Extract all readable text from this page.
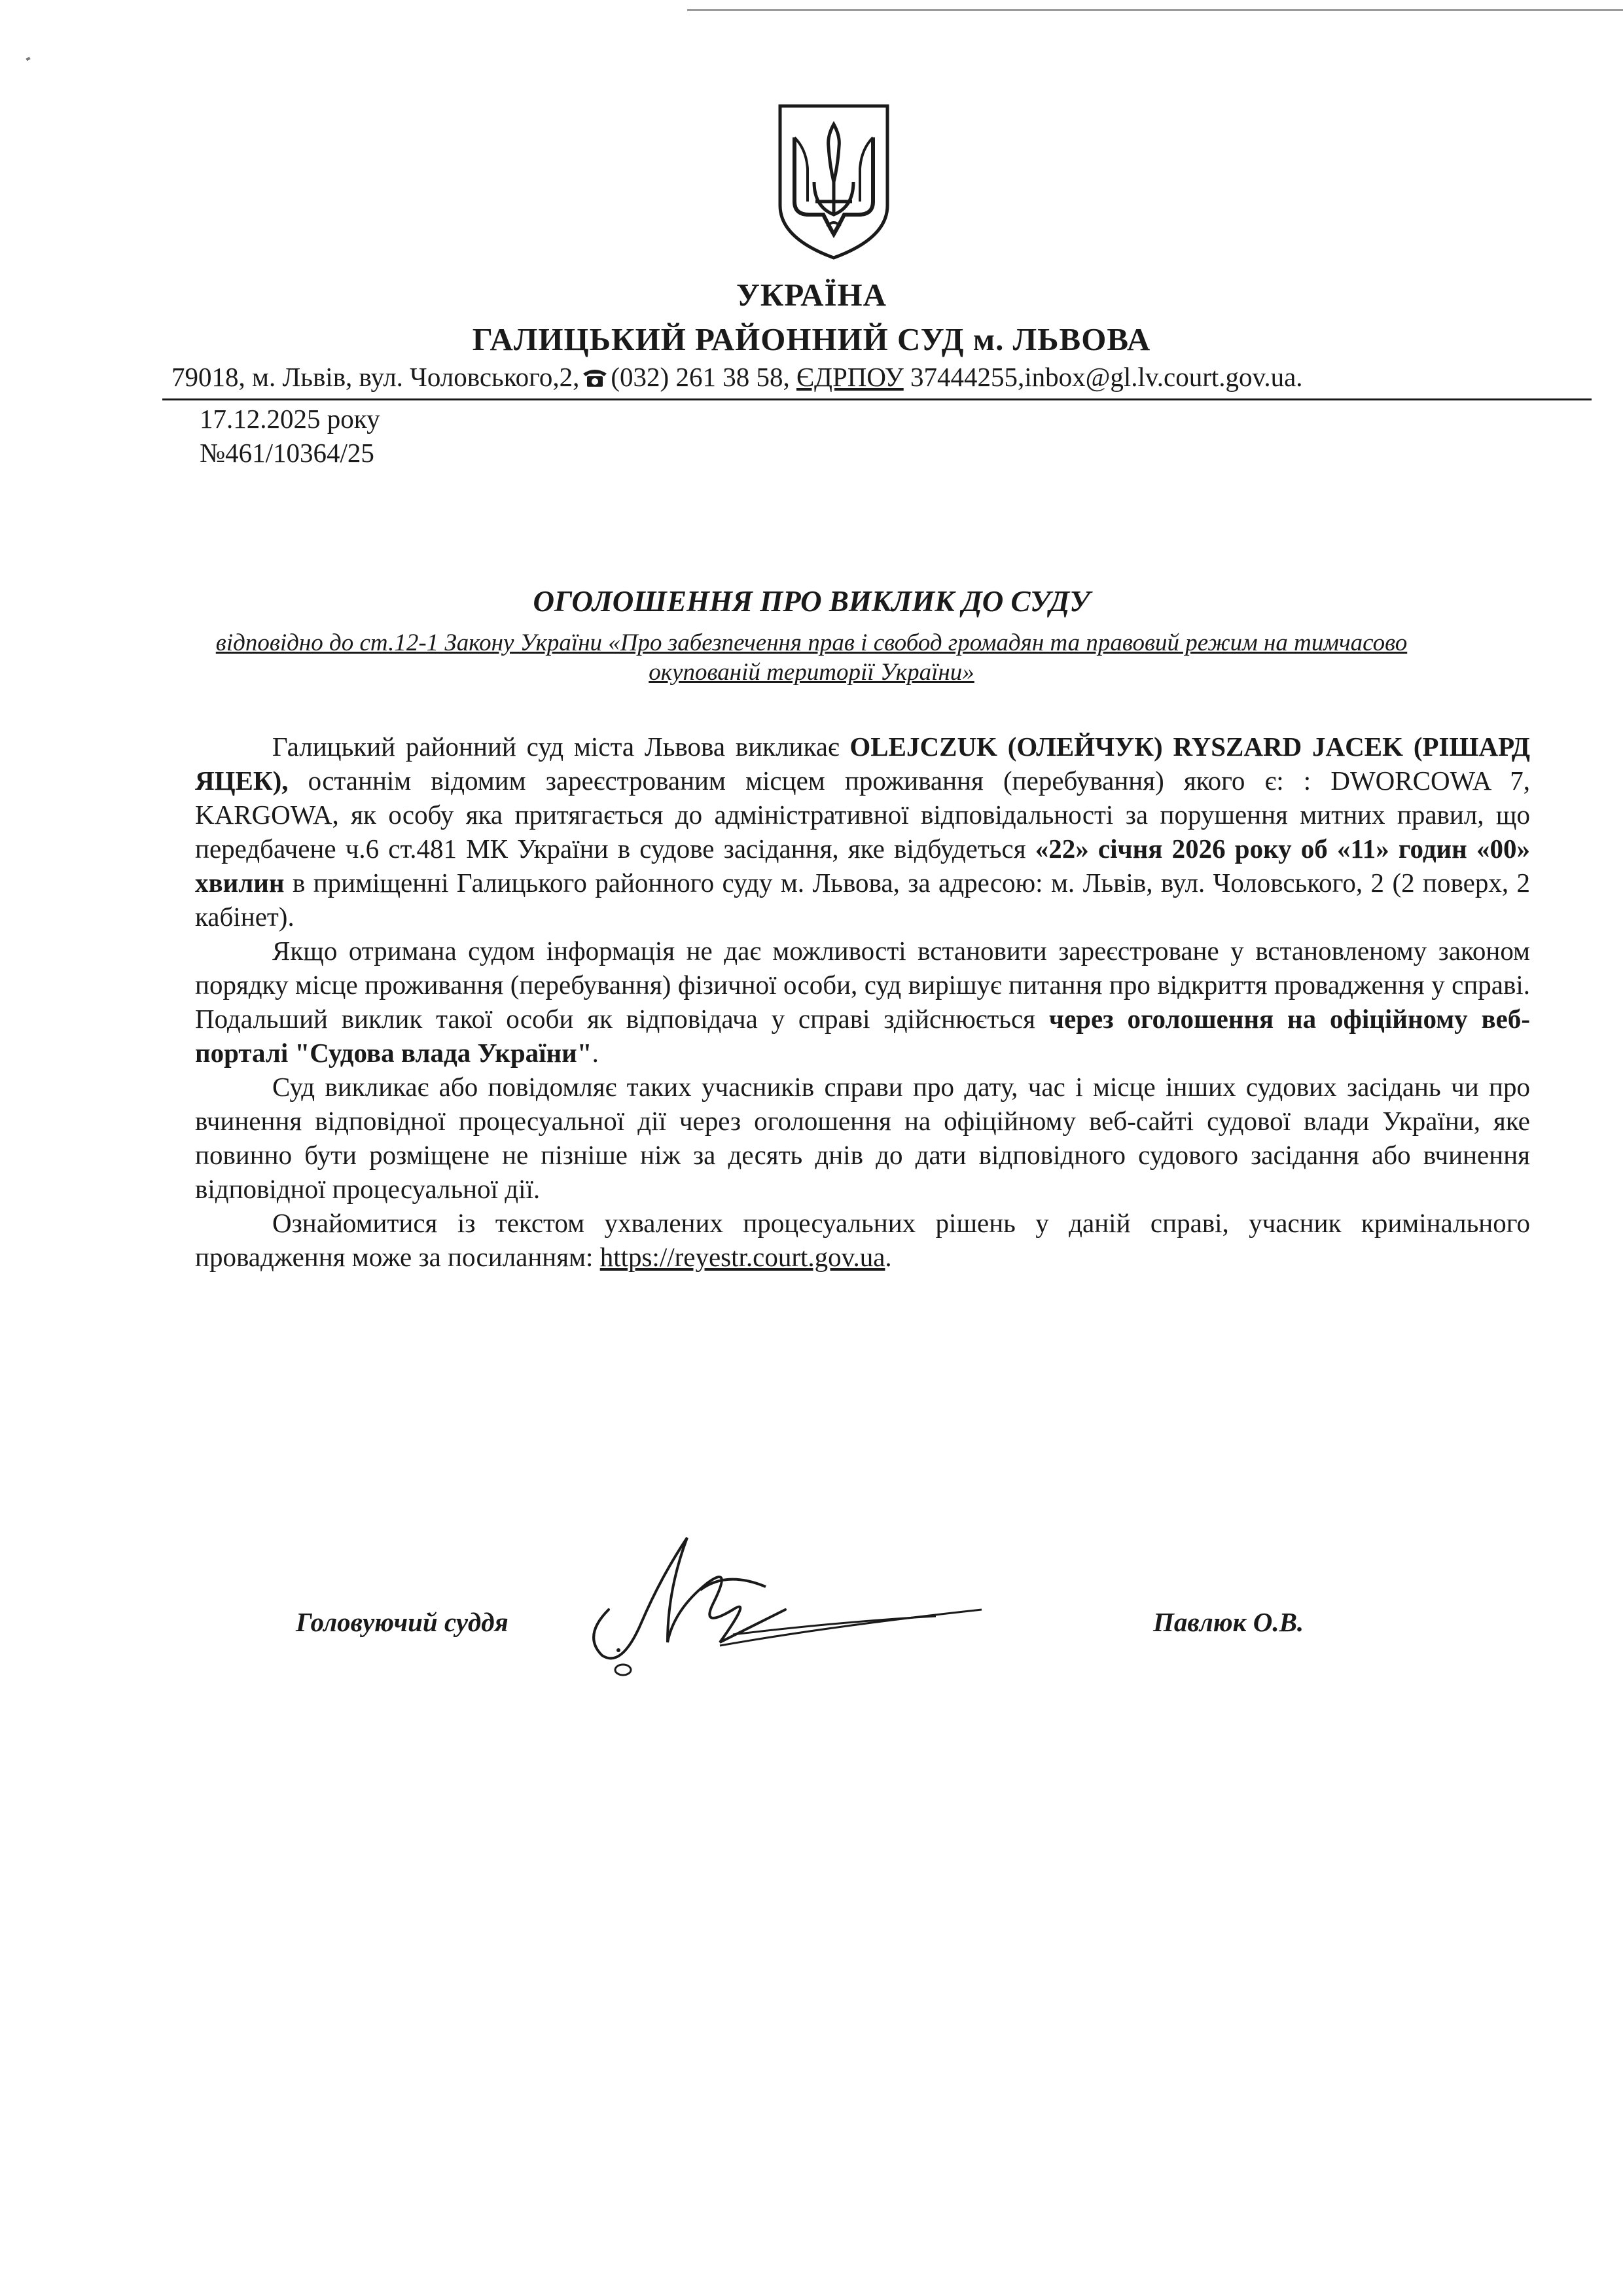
УКРАЇНА
ГАЛИЦЬКИЙ РАЙОННИЙ СУД м. ЛЬВОВА
79018, м. Львів, вул. Чоловського,2, (032) 261 38 58, ЄДРПОУ 37444255,inbox@gl.lv.court.gov.ua.
17.12.2025 року
№461/10364/25
ОГОЛОШЕННЯ ПРО ВИКЛИК ДО СУДУ
відповідно до ст.12-1 Закону України «Про забезпечення прав і свобод громадян та правовий режим на тимчасово окупованій території України»

Галицький районний суд міста Львова викликає OLEJCZUK (ОЛЕЙЧУК) RYSZARD JACEK (РІШАРД ЯЦЕК), останнім відомим зареєстрованим місцем проживання (перебування) якого є: : DWORCOWA 7, KARGOWA, як особу яка притягається до адміністративної відповідальності за порушення митних правил, що передбачене ч.6 ст.481 МК України в судове засідання, яке відбудеться «22» січня 2026 року об «11» годин «00» хвилин в приміщенні Галицького районного суду м. Львова, за адресою: м. Львів, вул. Чоловського, 2 (2 поверх, 2 кабінет).

Якщо отримана судом інформація не дає можливості встановити зареєстроване у встановленому законом порядку місце проживання (перебування) фізичної особи, суд вирішує питання про відкриття провадження у справі. Подальший виклик такої особи як відповідача у справі здійснюється через оголошення на офіційному веб-порталі "Судова влада України".

Суд викликає або повідомляє таких учасників справи про дату, час і місце інших судових засідань чи про вчинення відповідної процесуальної дії через оголошення на офіційному веб-сайті судової влади України, яке повинно бути розміщене не пізніше ніж за десять днів до дати відповідного судового засідання або вчинення відповідної процесуальної дії.

Ознайомитися із текстом ухвалених процесуальних рішень у даній справі, учасник кримінального провадження може за посиланням: https://reyestr.court.gov.ua.

Головуючий суддя	Павлюк О.В.
